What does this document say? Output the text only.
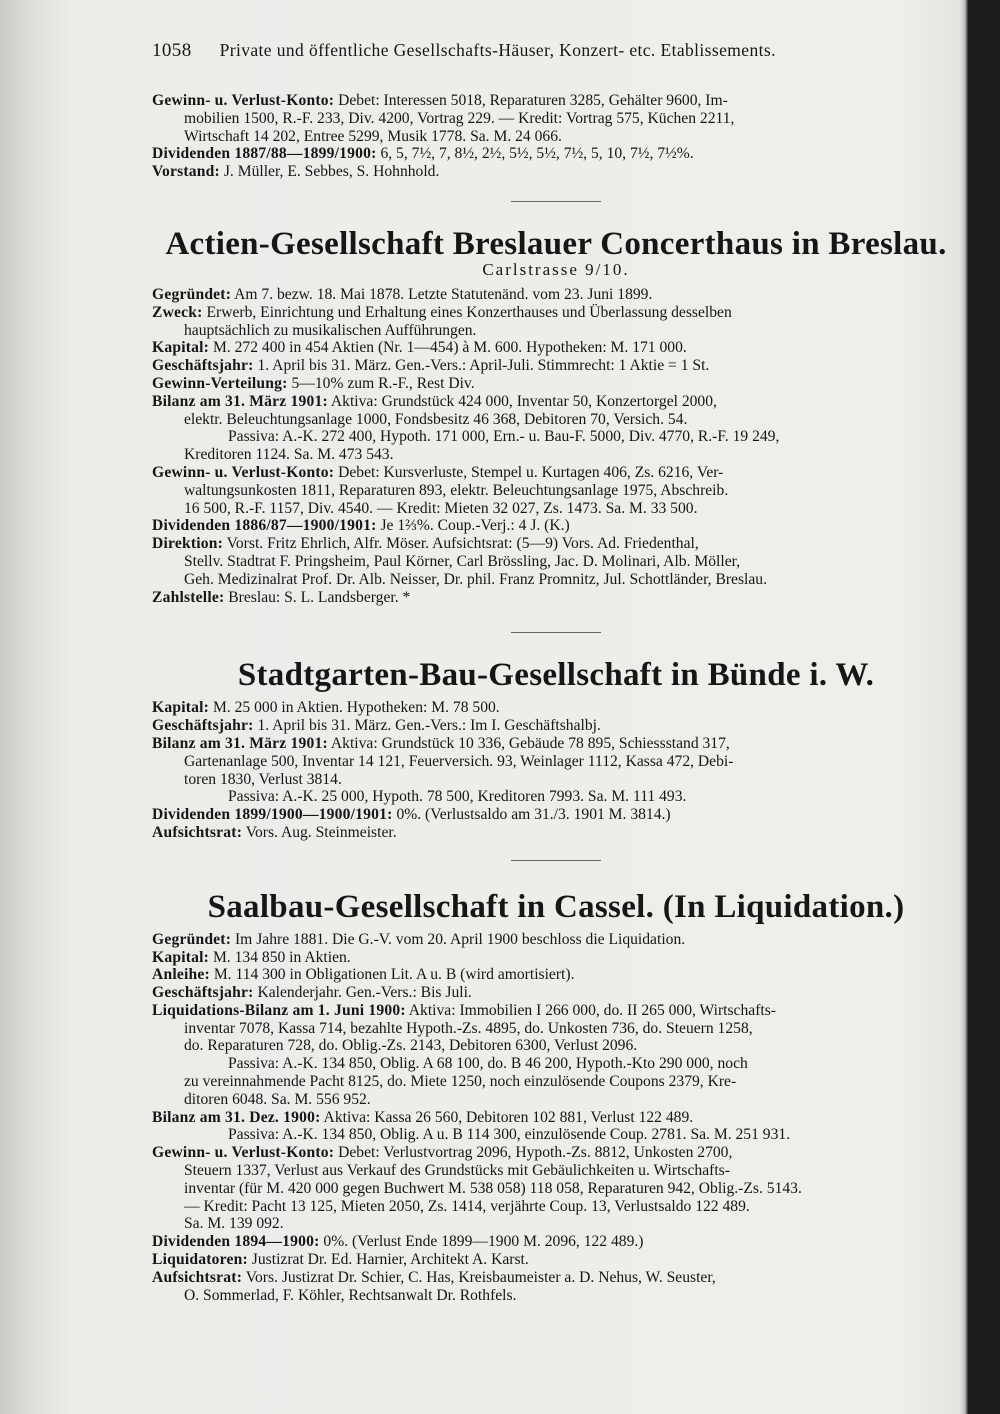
1058 Private und öffentliche Gesellschafts-Häuser, Konzert- etc. Etablissements.

Gewinn- u. Verlust-Konto: Debet: Interessen 5018, Reparaturen 3285, Gehälter 9600, Im-

mobilien 1500, R.-F. 233, Div. 4200, Vortrag 229. — Kredit: Vortrag 575, Küchen 2211,

Wirtschaft 14 202, Entree 5299, Musik 1778. Sa. M. 24 066.

Dividenden 1887/88—1899/1900: 6, 5, 7½, 7, 8½, 2½, 5½, 5½, 7½, 5, 10, 7½, 7½%.

Vorstand: J. Müller, E. Sebbes, S. Hohnhold.

Actien-Gesellschaft Breslauer Concerthaus in Breslau.
Carlstrasse 9/10.

Gegründet: Am 7. bezw. 18. Mai 1878. Letzte Statutenänd. vom 23. Juni 1899.

Zweck: Erwerb, Einrichtung und Erhaltung eines Konzerthauses und Überlassung desselben

hauptsächlich zu musikalischen Aufführungen.

Kapital: M. 272 400 in 454 Aktien (Nr. 1—454) à M. 600. Hypotheken: M. 171 000.

Geschäftsjahr: 1. April bis 31. März. Gen.-Vers.: April-Juli. Stimmrecht: 1 Aktie = 1 St.

Gewinn-Verteilung: 5—10% zum R.-F., Rest Div.

Bilanz am 31. März 1901: Aktiva: Grundstück 424 000, Inventar 50, Konzertorgel 2000,

elektr. Beleuchtungsanlage 1000, Fondsbesitz 46 368, Debitoren 70, Versich. 54.

Passiva: A.-K. 272 400, Hypoth. 171 000, Ern.- u. Bau-F. 5000, Div. 4770, R.-F. 19 249,

Kreditoren 1124. Sa. M. 473 543.

Gewinn- u. Verlust-Konto: Debet: Kursverluste, Stempel u. Kurtagen 406, Zs. 6216, Ver-

waltungsunkosten 1811, Reparaturen 893, elektr. Beleuchtungsanlage 1975, Abschreib.

16 500, R.-F. 1157, Div. 4540. — Kredit: Mieten 32 027, Zs. 1473. Sa. M. 33 500.

Dividenden 1886/87—1900/1901: Je 1⅔%. Coup.-Verj.: 4 J. (K.)

Direktion: Vorst. Fritz Ehrlich, Alfr. Möser. Aufsichtsrat: (5—9) Vors. Ad. Friedenthal,

Stellv. Stadtrat F. Pringsheim, Paul Körner, Carl Brössling, Jac. D. Molinari, Alb. Möller,

Geh. Medizinalrat Prof. Dr. Alb. Neisser, Dr. phil. Franz Promnitz, Jul. Schottländer, Breslau.

Zahlstelle: Breslau: S. L. Landsberger. *

Stadtgarten-Bau-Gesellschaft in Bünde i. W.

Kapital: M. 25 000 in Aktien. Hypotheken: M. 78 500.

Geschäftsjahr: 1. April bis 31. März. Gen.-Vers.: Im I. Geschäftshalbj.

Bilanz am 31. März 1901: Aktiva: Grundstück 10 336, Gebäude 78 895, Schiessstand 317,

Gartenanlage 500, Inventar 14 121, Feuerversich. 93, Weinlager 1112, Kassa 472, Debi-

toren 1830, Verlust 3814.

Passiva: A.-K. 25 000, Hypoth. 78 500, Kreditoren 7993. Sa. M. 111 493.

Dividenden 1899/1900—1900/1901: 0%. (Verlustsaldo am 31./3. 1901 M. 3814.)

Aufsichtsrat: Vors. Aug. Steinmeister.

Saalbau-Gesellschaft in Cassel. (In Liquidation.)

Gegründet: Im Jahre 1881. Die G.-V. vom 20. April 1900 beschloss die Liquidation.

Kapital: M. 134 850 in Aktien.

Anleihe: M. 114 300 in Obligationen Lit. A u. B (wird amortisiert).

Geschäftsjahr: Kalenderjahr. Gen.-Vers.: Bis Juli.

Liquidations-Bilanz am 1. Juni 1900: Aktiva: Immobilien I 266 000, do. II 265 000, Wirtschafts-

inventar 7078, Kassa 714, bezahlte Hypoth.-Zs. 4895, do. Unkosten 736, do. Steuern 1258,

do. Reparaturen 728, do. Oblig.-Zs. 2143, Debitoren 6300, Verlust 2096.

Passiva: A.-K. 134 850, Oblig. A 68 100, do. B 46 200, Hypoth.-Kto 290 000, noch

zu vereinnahmende Pacht 8125, do. Miete 1250, noch einzulösende Coupons 2379, Kre-

ditoren 6048. Sa. M. 556 952.

Bilanz am 31. Dez. 1900: Aktiva: Kassa 26 560, Debitoren 102 881, Verlust 122 489.

Passiva: A.-K. 134 850, Oblig. A u. B 114 300, einzulösende Coup. 2781. Sa. M. 251 931.

Gewinn- u. Verlust-Konto: Debet: Verlustvortrag 2096, Hypoth.-Zs. 8812, Unkosten 2700,

Steuern 1337, Verlust aus Verkauf des Grundstücks mit Gebäulichkeiten u. Wirtschafts-

inventar (für M. 420 000 gegen Buchwert M. 538 058) 118 058, Reparaturen 942, Oblig.-Zs. 5143.

— Kredit: Pacht 13 125, Mieten 2050, Zs. 1414, verjährte Coup. 13, Verlustsaldo 122 489.

Sa. M. 139 092.

Dividenden 1894—1900: 0%. (Verlust Ende 1899—1900 M. 2096, 122 489.)

Liquidatoren: Justizrat Dr. Ed. Harnier, Architekt A. Karst.

Aufsichtsrat: Vors. Justizrat Dr. Schier, C. Has, Kreisbaumeister a. D. Nehus, W. Seuster,

O. Sommerlad, F. Köhler, Rechtsanwalt Dr. Rothfels.
